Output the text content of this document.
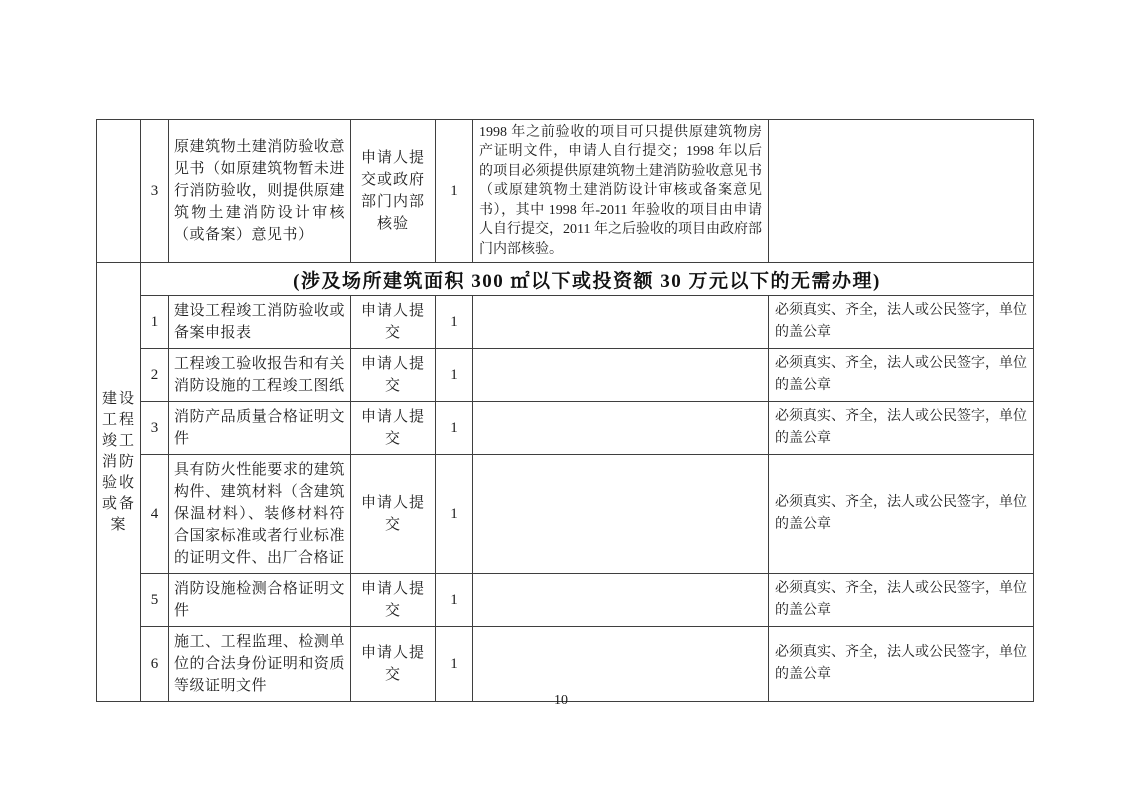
	3	原建筑物土建消防验收意见书（如原建筑物暂未进行消防验收，则提供原建筑物土建消防设计审核（或备案）意见书）	申请人提交或政府部门内部核验	1	1998 年之前验收的项目可只提供原建筑物房产证明文件，申请人自行提交；1998 年以后的项目必须提供原建筑物土建消防验收意见书（或原建筑物土建消防设计审核或备案意见书），其中 1998 年-2011 年验收的项目由申请人自行提交，2011 年之后验收的项目由政府部门内部核验。	

建设工程竣工消防验收或备案	(涉及场所建筑面积 300 ㎡以下或投资额 30 万元以下的无需办理)					
	1	建设工程竣工消防验收或备案申报表	申请人提交	1		必须真实、齐全，法人或公民签字，单位的盖公章
	2	工程竣工验收报告和有关消防设施的工程竣工图纸	申请人提交	1		必须真实、齐全，法人或公民签字，单位的盖公章
	3	消防产品质量合格证明文件	申请人提交	1		必须真实、齐全，法人或公民签字，单位的盖公章
	4	具有防火性能要求的建筑构件、建筑材料（含建筑保温材料）、装修材料符合国家标准或者行业标准的证明文件、出厂合格证	申请人提交	1		必须真实、齐全，法人或公民签字，单位的盖公章
	5	消防设施检测合格证明文件	申请人提交	1		必须真实、齐全，法人或公民签字，单位的盖公章
	6	施工、工程监理、检测单位的合法身份证明和资质等级证明文件	申请人提交	1		必须真实、齐全，法人或公民签字，单位的盖公章
10
